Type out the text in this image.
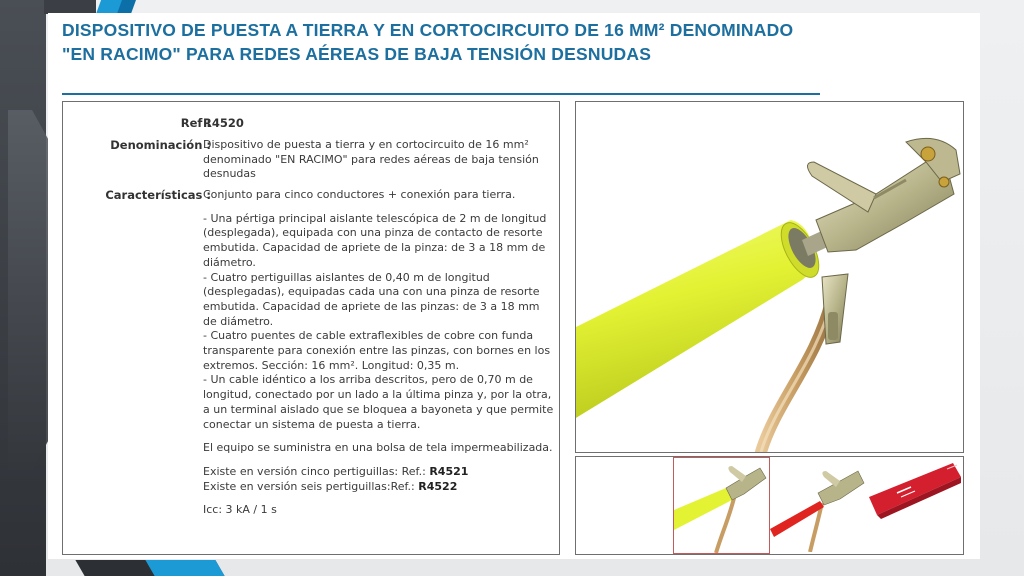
DISPOSITIVO DE PUESTA A TIERRA Y EN CORTOCIRCUITO DE 16 MM² DENOMINADO "EN RACIMO" PARA REDES AÉREAS DE BAJA TENSIÓN DESNUDAS
Ref :
R4520
Denominación :
Dispositivo de puesta a tierra y en cortocircuito de 16 mm² denominado "EN RACIMO" para redes aéreas de baja tensión desnudas
Características :

Conjunto para cinco conductores + conexión para tierra.

- Una pértiga principal aislante telescópica de 2 m de longitud (desplegada), equipada con una pinza de contacto de resorte embutida. Capacidad de apriete de la pinza: de 3 a 18 mm de diámetro.

- Cuatro pertiguillas aislantes de 0,40 m de longitud (desplegadas), equipadas cada una con una pinza de resorte embutida. Capacidad de apriete de las pinzas: de 3 a 18 mm de diámetro.

- Cuatro puentes de cable extraflexibles de cobre con funda transparente para conexión entre las pinzas, con bornes en los extremos. Sección: 16 mm². Longitud: 0,35 m.

- Un cable idéntico a los arriba descritos, pero de 0,70 m de longitud, conectado por un lado a la última pinza y, por la otra, a un terminal aislado que se bloquea a bayoneta y que permite conectar un sistema de puesta a tierra.

El equipo se suministra en una bolsa de tela impermeabilizada.

Existe en versión cinco pertiguillas: Ref.: R4521

Existe en versión seis pertiguillas:Ref.: R4522

Icc: 3 kA / 1 s
